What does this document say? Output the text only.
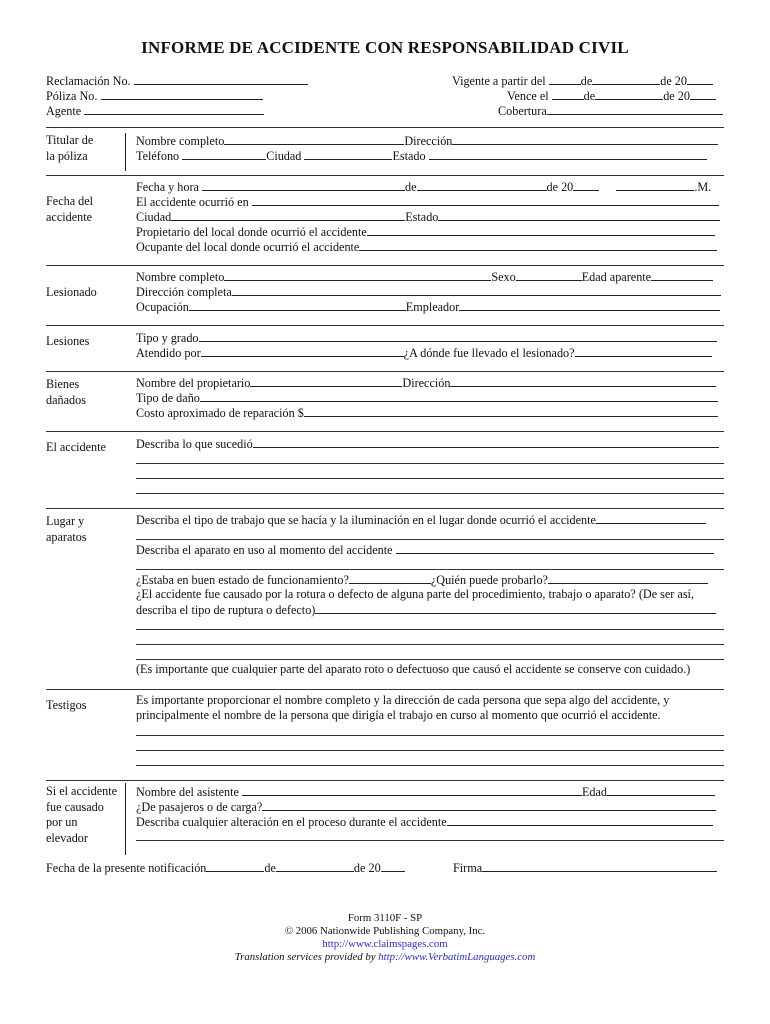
INFORME DE ACCIDENTE CON RESPONSABILIDAD CIVIL
Reclamación No.
Póliza No.
Agente
Vigente a partir del	de	de 20
Vence el	de	de 20
Cobertura
Titular de
la póliza
Nombre completo	Dirección
Teléfono	Ciudad	Estado
Fecha del
accidente
Fecha y hora	de	de 20	.M.
El accidente ocurrió en
Ciudad	Estado
Propietario del local donde ocurrió el accidente
Ocupante del local donde ocurrió el accidente
Lesionado
Nombre completo	Sexo	Edad aparente
Dirección completa
Ocupación	Empleador
Lesiones	Tipo y grado
Atendido por	¿A dónde fue llevado el lesionado?
Bienes
dañados
Nombre del propietario	Dirección
Tipo de daño
Costo aproximado de reparación $
El accidente Describa lo que sucedió
Lugar y
aparatos
Describa el tipo de trabajo que se hacía y la iluminación en el lugar donde ocurrió el accidente
Describa el aparato en uso al momento del accidente
¿Estaba en buen estado de funcionamiento?	¿Quién puede probarlo?
¿El accidente fue causado por la rotura o defecto de alguna parte del procedimiento, trabajo o aparato? (De ser así,
describa el tipo de ruptura o defecto)
(Es importante que cualquier parte del aparato roto o defectuoso que causó el accidente se conserve con cuidado.)
Testigos	Es importante proporcionar el nombre completo y la dirección de cada persona que sepa algo del accidente, y
principalmente el nombre de la persona que dirigía el trabajo en curso al momento que ocurrió el accidente.
Si el accidente
fue causado
por un
elevador
Nombre del asistente	Edad
¿De pasajeros o de carga?
Describa cualquier alteración en el proceso durante el accidente
Fecha de la presente notificación	de	de 20	Firma
Form 3110F - SP
© 2006 Nationwide Publishing Company, Inc.
http://www.claimspages.com
Translation services provided by http://www.VerbatimLanguages.com
